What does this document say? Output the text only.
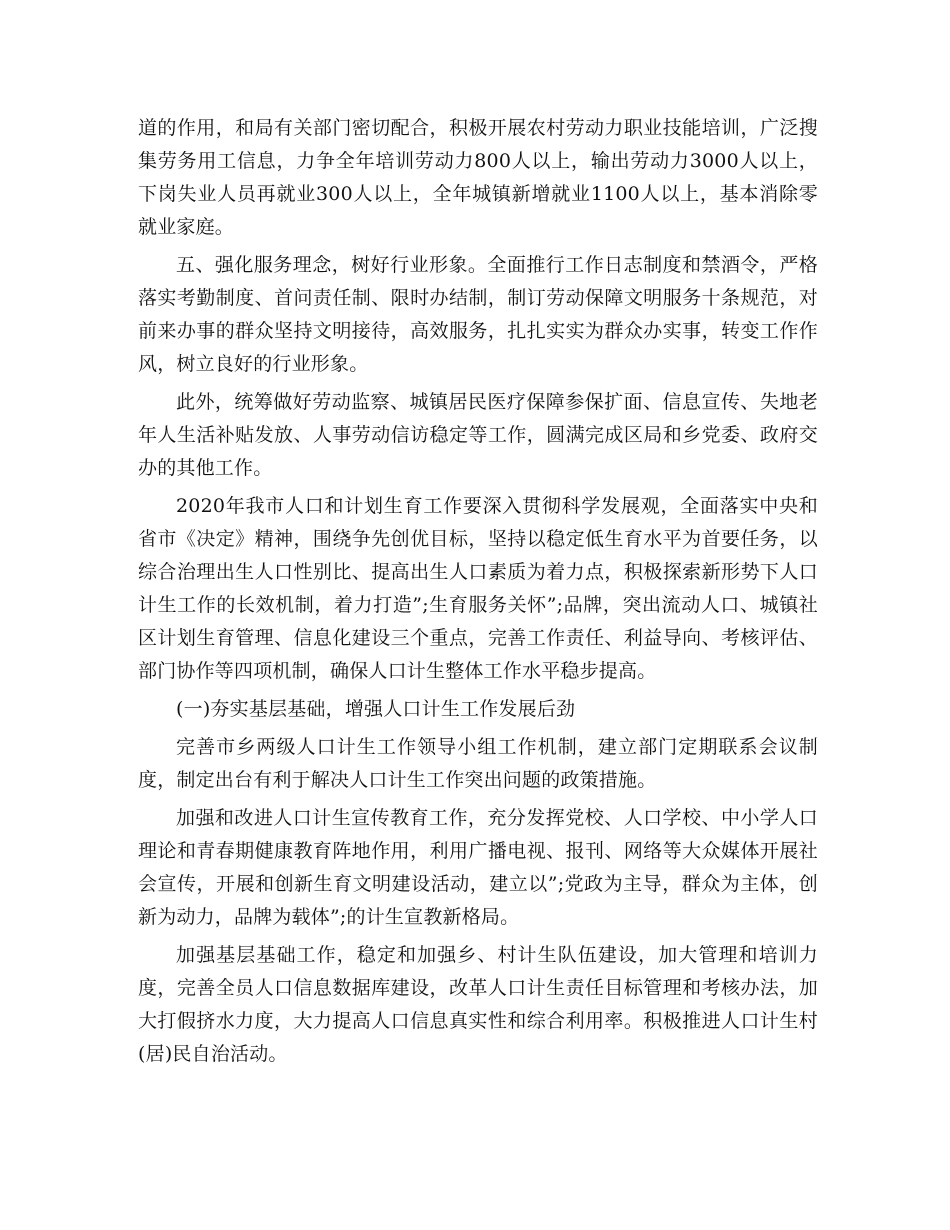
道的作用，和局有关部门密切配合，积极开展农村劳动力职业技能培训，广泛搜集劳务用工信息，力争全年培训劳动力800人以上，输出劳动力3000人以上，下岗失业人员再就业300人以上，全年城镇新增就业1100人以上，基本消除零就业家庭。

五、强化服务理念，树好行业形象。全面推行工作日志制度和禁酒令，严格落实考勤制度、首问责任制、限时办结制，制订劳动保障文明服务十条规范，对前来办事的群众坚持文明接待，高效服务，扎扎实实为群众办实事，转变工作作风，树立良好的行业形象。

此外，统筹做好劳动监察、城镇居民医疗保障参保扩面、信息宣传、失地老年人生活补贴发放、人事劳动信访稳定等工作，圆满完成区局和乡党委、政府交办的其他工作。

2020年我市人口和计划生育工作要深入贯彻科学发展观，全面落实中央和省市《决定》精神，围绕争先创优目标，坚持以稳定低生育水平为首要任务，以综合治理出生人口性别比、提高出生人口素质为着力点，积极探索新形势下人口计生工作的长效机制，着力打造”;生育服务关怀”;品牌，突出流动人口、城镇社区计划生育管理、信息化建设三个重点，完善工作责任、利益导向、考核评估、部门协作等四项机制，确保人口计生整体工作水平稳步提高。

(一)夯实基层基础，增强人口计生工作发展后劲

完善市乡两级人口计生工作领导小组工作机制，建立部门定期联系会议制度，制定出台有利于解决人口计生工作突出问题的政策措施。

加强和改进人口计生宣传教育工作，充分发挥党校、人口学校、中小学人口理论和青春期健康教育阵地作用，利用广播电视、报刊、网络等大众媒体开展社会宣传，开展和创新生育文明建设活动，建立以”;党政为主导，群众为主体，创新为动力，品牌为载体”;的计生宣教新格局。

加强基层基础工作，稳定和加强乡、村计生队伍建设，加大管理和培训力度，完善全员人口信息数据库建设，改革人口计生责任目标管理和考核办法，加大打假挤水力度，大力提高人口信息真实性和综合利用率。积极推进人口计生村(居)民自治活动。
